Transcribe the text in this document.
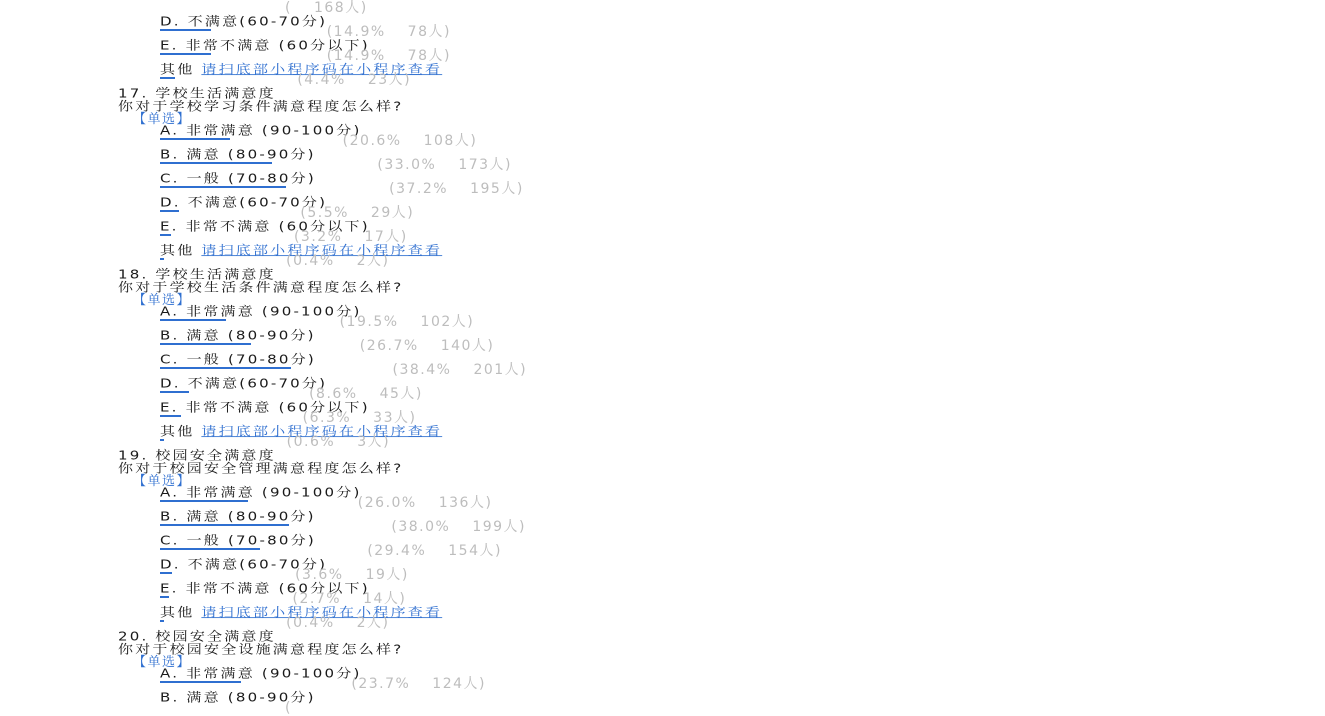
( 168人)
D. 不满意(60-70分)
(14.9% 78人)
E. 非常不满意 (60分以下)
(14.9% 78人)
其他 请扫底部小程序码在小程序查看
(4.4% 23人)
17. 学校生活满意度
你对于学校学习条件满意程度怎么样?
【单选】
A. 非常满意 (90-100分)
(20.6% 108人)
B. 满意 (80-90分)
(33.0% 173人)
C. 一般 (70-80分)
(37.2% 195人)
D. 不满意(60-70分)
(5.5% 29人)
E. 非常不满意 (60分以下)
(3.2% 17人)
其他 请扫底部小程序码在小程序查看
(0.4% 2人)
18. 学校生活满意度
你对于学校生活条件满意程度怎么样?
【单选】
A. 非常满意 (90-100分)
(19.5% 102人)
B. 满意 (80-90分)
(26.7% 140人)
C. 一般 (70-80分)
(38.4% 201人)
D. 不满意(60-70分)
(8.6% 45人)
E. 非常不满意 (60分以下)
(6.3% 33人)
其他 请扫底部小程序码在小程序查看
(0.6% 3人)
19. 校园安全满意度
你对于校园安全管理满意程度怎么样?
【单选】
A. 非常满意 (90-100分)
(26.0% 136人)
B. 满意 (80-90分)
(38.0% 199人)
C. 一般 (70-80分)
(29.4% 154人)
D. 不满意(60-70分)
(3.6% 19人)
E. 非常不满意 (60分以下)
(2.7% 14人)
其他 请扫底部小程序码在小程序查看
(0.4% 2人)
20. 校园安全满意度
你对于校园安全设施满意程度怎么样?
【单选】
A. 非常满意 (90-100分)
(23.7% 124人)
B. 满意 (80-90分)
(
